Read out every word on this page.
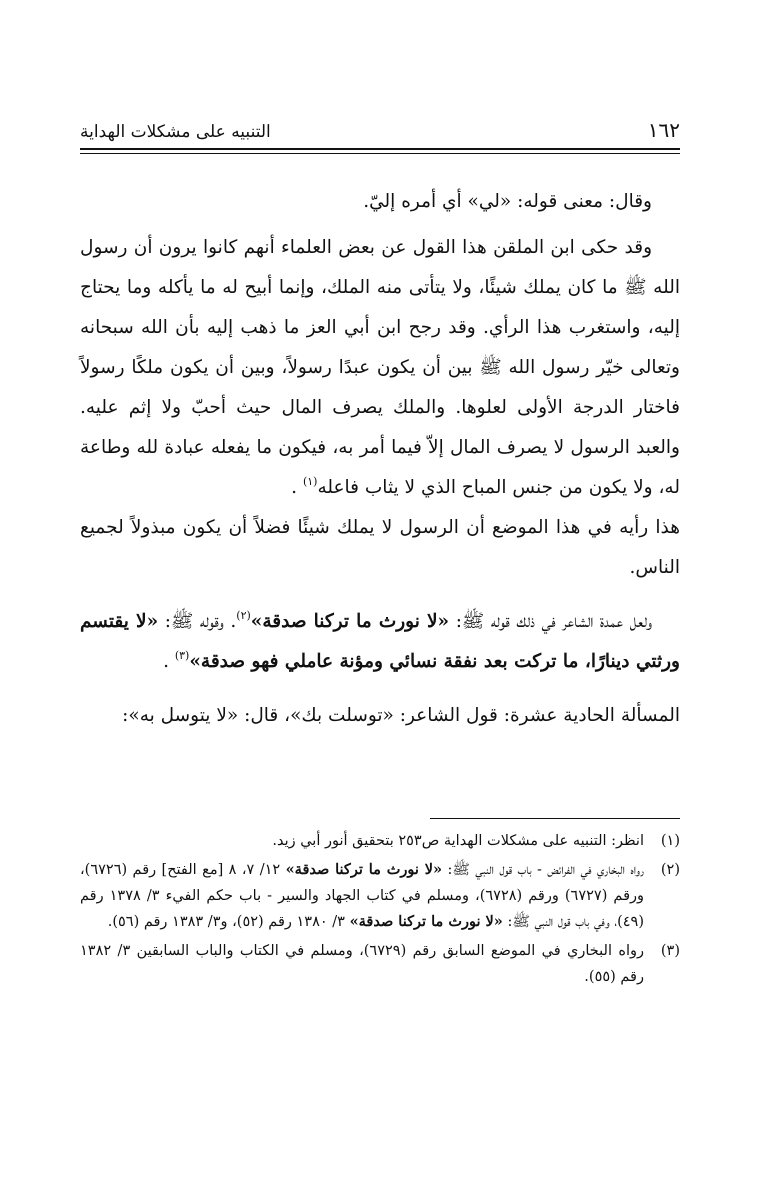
١٦٢
التنبيه على مشكلات الهداية

وقال: معنى قوله: «لي» أي أمره إليّ.

وقد حكى ابن الملقن هذا القول عن بعض العلماء أنهم كانوا يرون أن رسول الله ﷺ ما كان يملك شيئًا، ولا يتأتى منه الملك، وإنما أبيح له ما يأكله وما يحتاج إليه، واستغرب هذا الرأي. وقد رجح ابن أبي العز ما ذهب إليه بأن الله سبحانه وتعالى خيّر رسول الله ﷺ بين أن يكون عبدًا رسولاً، وبين أن يكون ملكًا رسولاً فاختار الدرجة الأولى لعلوها. والملك يصرف المال حيث أحبّ ولا إثم عليه. والعبد الرسول لا يصرف المال إلاّ فيما أمر به، فيكون ما يفعله عبادة لله وطاعة له، ولا يكون من جنس المباح الذي لا يثاب فاعله$^{(١)}$ .

هذا رأيه في هذا الموضع أن الرسول لا يملك شيئًا فضلاً أن يكون مبذولاً لجميع الناس.

ولعل عمدة الشاعر في ذلك قوله ﷺ: «لا نورث ما تركنا صدقة»$^{(٢)}$. وقوله ﷺ: «لا يقتسم ورثتي دينارًا، ما تركت بعد نفقة نسائي ومؤنة عاملي فهو صدقة»$^{(٣)}$ .

المسألة الحادية عشرة: قول الشاعر: «توسلت بك»، قال: «لا يتوسل به»:

(١)
انظر: التنبيه على مشكلات الهداية ص٢٥٣ بتحقيق أنور أبي زيد.
(٢)
رواه البخاري في الفرائض - باب قول النبي ﷺ: «لا نورث ما تركنا صدقة» ١٢/ ٧، ٨ [مع الفتح] رقم (٦٧٢٦)، ورقم (٦٧٢٧) ورقم (٦٧٢٨)، ومسلم في كتاب الجهاد والسير - باب حكم الفيء ٣/ ١٣٧٨ رقم (٤٩)، وفي باب قول النبي ﷺ: «لا نورث ما تركنا صدقة» ٣/ ١٣٨٠ رقم (٥٢)، و٣/ ١٣٨٣ رقم (٥٦).
(٣)
رواه البخاري في الموضع السابق رقم (٦٧٢٩)، ومسلم في الكتاب والباب السابقين ٣/ ١٣٨٢ رقم (٥٥).
